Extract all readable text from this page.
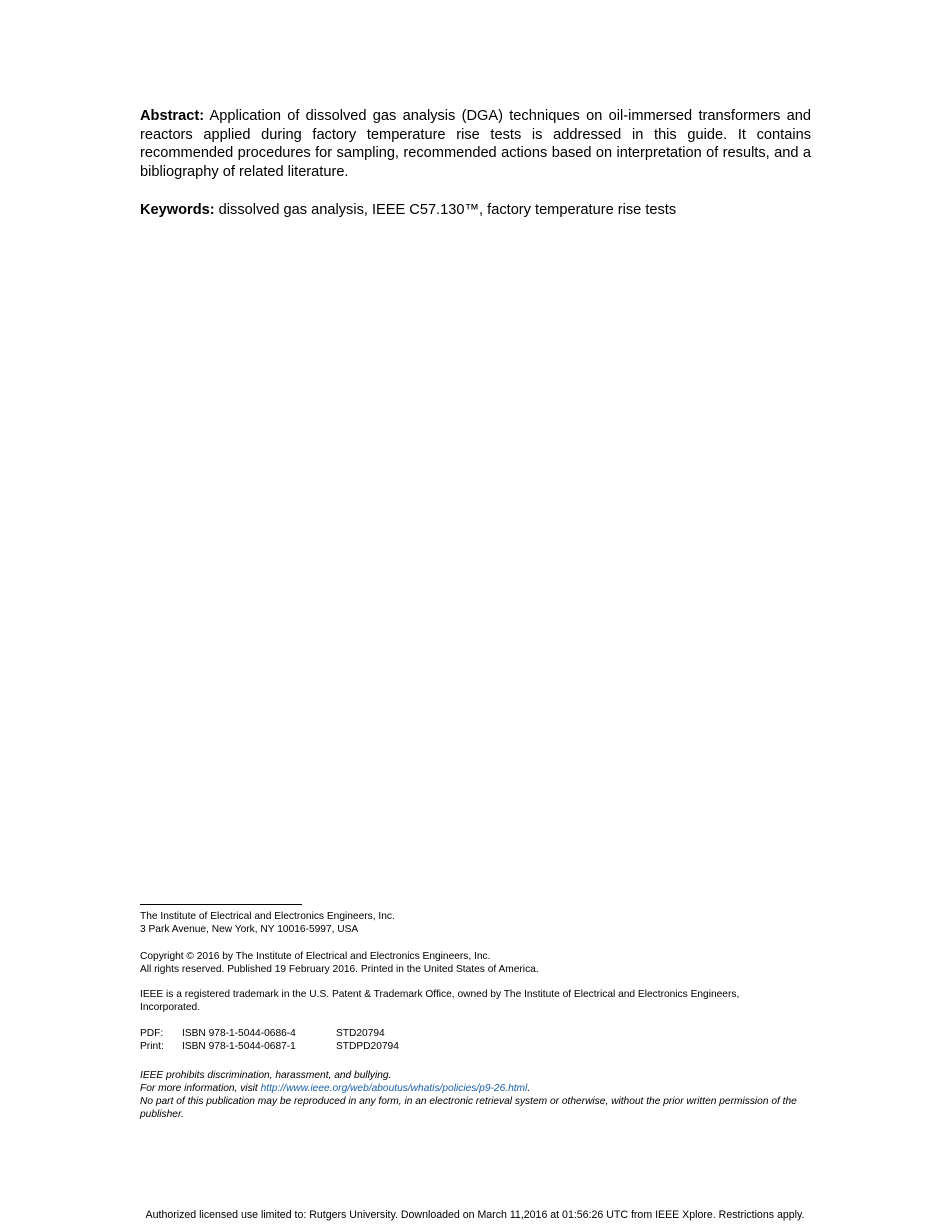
Abstract: Application of dissolved gas analysis (DGA) techniques on oil-immersed transformers and reactors applied during factory temperature rise tests is addressed in this guide. It contains recommended procedures for sampling, recommended actions based on interpretation of results, and a bibliography of related literature.

Keywords: dissolved gas analysis, IEEE C57.130™, factory temperature rise tests

The Institute of Electrical and Electronics Engineers, Inc.
3 Park Avenue, New York, NY 10016-5997, USA
Copyright © 2016 by The Institute of Electrical and Electronics Engineers, Inc.
All rights reserved. Published 19 February 2016. Printed in the United States of America.
IEEE is a registered trademark in the U.S. Patent & Trademark Office, owned by The Institute of Electrical and Electronics Engineers, Incorporated.
PDF:	ISBN 978-1-5044-0686-4	STD20794
Print:	ISBN 978-1-5044-0687-1	STDPD20794
IEEE prohibits discrimination, harassment, and bullying.
For more information, visit http://www.ieee.org/web/aboutus/whatis/policies/p9-26.html.
No part of this publication may be reproduced in any form, in an electronic retrieval system or otherwise, without the prior written permission of the publisher.
Authorized licensed use limited to: Rutgers University. Downloaded on March 11,2016 at 01:56:26 UTC from IEEE Xplore. Restrictions apply.
